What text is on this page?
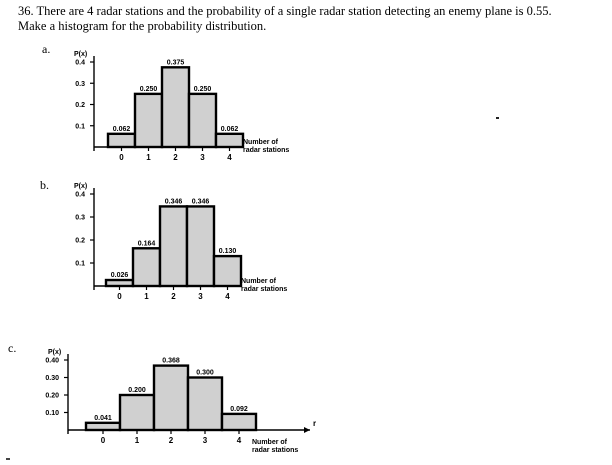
36. There are 4 radar stations and the probability of a single radar station detecting an enemy plane is 0.55.

Make a histogram for the probability distribution.

a.
b.
c.
P(x)
0.1
0.2
0.3
0.4
0.062
0
0.250
1
0.375
2
0.250
3
0.062
4
Number of
radar stations
P(x)
0.1
0.2
0.3
0.4
0.026
0
0.164
1
0.346
2
0.346
3
0.130
4
Number of
radar stations
P(x)
0.10
0.20
0.30
0.40
r
0.041
0
0.200
1
0.368
2
0.300
3
0.092
4 Number of
radar stations
